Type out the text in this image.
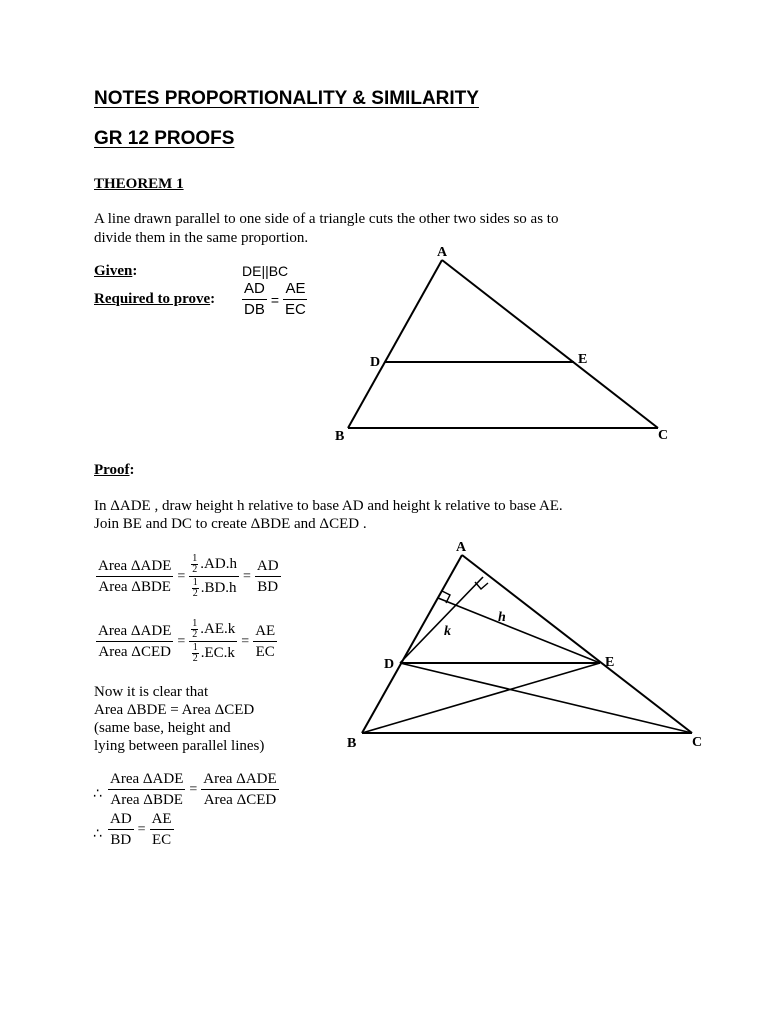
NOTES PROPORTIONALITY & SIMILARITY
GR 12 PROOFS
THEOREM 1
A line drawn parallel to one side of a triangle cuts the other two sides so as to
divide them in the same proportion.
Given:	DE||BC
Required to prove: $\frac{AD}{DB} = \frac{AE}{EC}$
A
B	C
D	E
Proof:
In ΔADE , draw height h relative to base AD and height k relative to base AE.
Join BE and DC to create ΔBDE and ΔCED .
Area ΔADE
Area ΔBDE
= $\frac{\frac{1}{2} .AD.h}{\frac{1}{2} .BD.h} = \frac{AD}{BD}$
Area ΔADE
Area ΔCED
= $\frac{\frac{1}{2} .AE.k}{\frac{1}{2} .EC.k} = \frac{AE}{EC}$
Now it is clear that
Area ΔBDE = Area ΔCED
(same base, height and
lying between parallel lines)
∴
Area ΔADE
Area ΔBDE
=
Area ΔADE
Area ΔCED
∴ $\frac{AD}{BD} = \frac{AE}{EC}$
A
B	C
D	E
h
k
